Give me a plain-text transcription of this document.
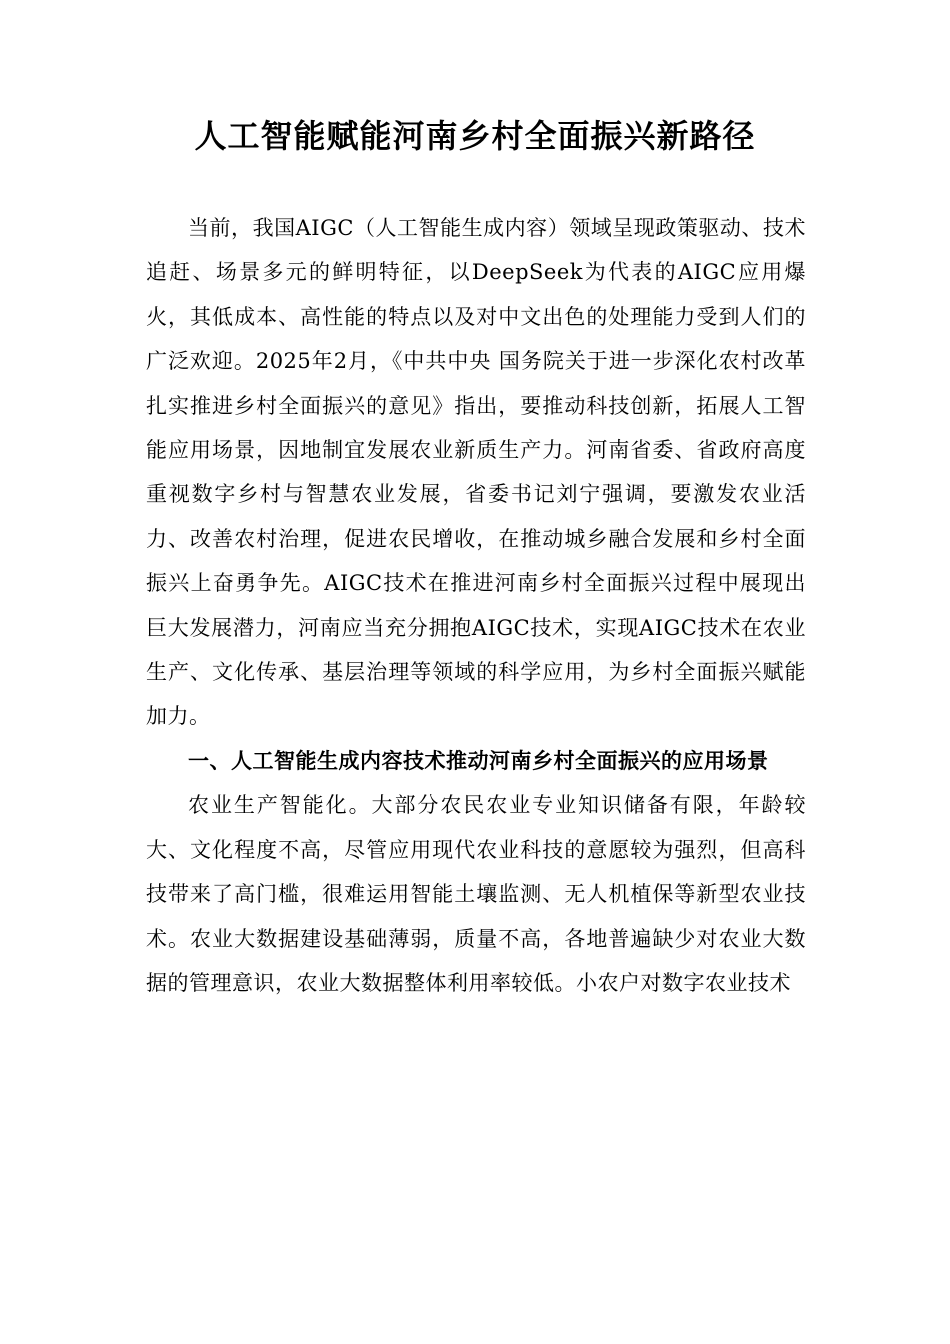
人工智能赋能河南乡村全面振兴新路径

当前，我国AIGC（人工智能生成内容）领域呈现政策驱动、技术追赶、场景多元的鲜明特征，以DeepSeek为代表的AIGC应用爆火，其低成本、高性能的特点以及对中文出色的处理能力受到人们的广泛欢迎。2025年2月，《中共中央 国务院关于进一步深化农村改革扎实推进乡村全面振兴的意见》指出，要推动科技创新，拓展人工智能应用场景，因地制宜发展农业新质生产力。河南省委、省政府高度重视数字乡村与智慧农业发展，省委书记刘宁强调，要激发农业活力、改善农村治理，促进农民增收，在推动城乡融合发展和乡村全面振兴上奋勇争先。AIGC技术在推进河南乡村全面振兴过程中展现出巨大发展潜力，河南应当充分拥抱AIGC技术，实现AIGC技术在农业生产、文化传承、基层治理等领域的科学应用，为乡村全面振兴赋能加力。

一、人工智能生成内容技术推动河南乡村全面振兴的应用场景

农业生产智能化。大部分农民农业专业知识储备有限，年龄较大、文化程度不高，尽管应用现代农业科技的意愿较为强烈，但高科技带来了高门槛，很难运用智能土壤监测、无人机植保等新型农业技术。农业大数据建设基础薄弱，质量不高，各地普遍缺少对农业大数据的管理意识，农业大数据整体利用率较低。小农户对数字农业技术
